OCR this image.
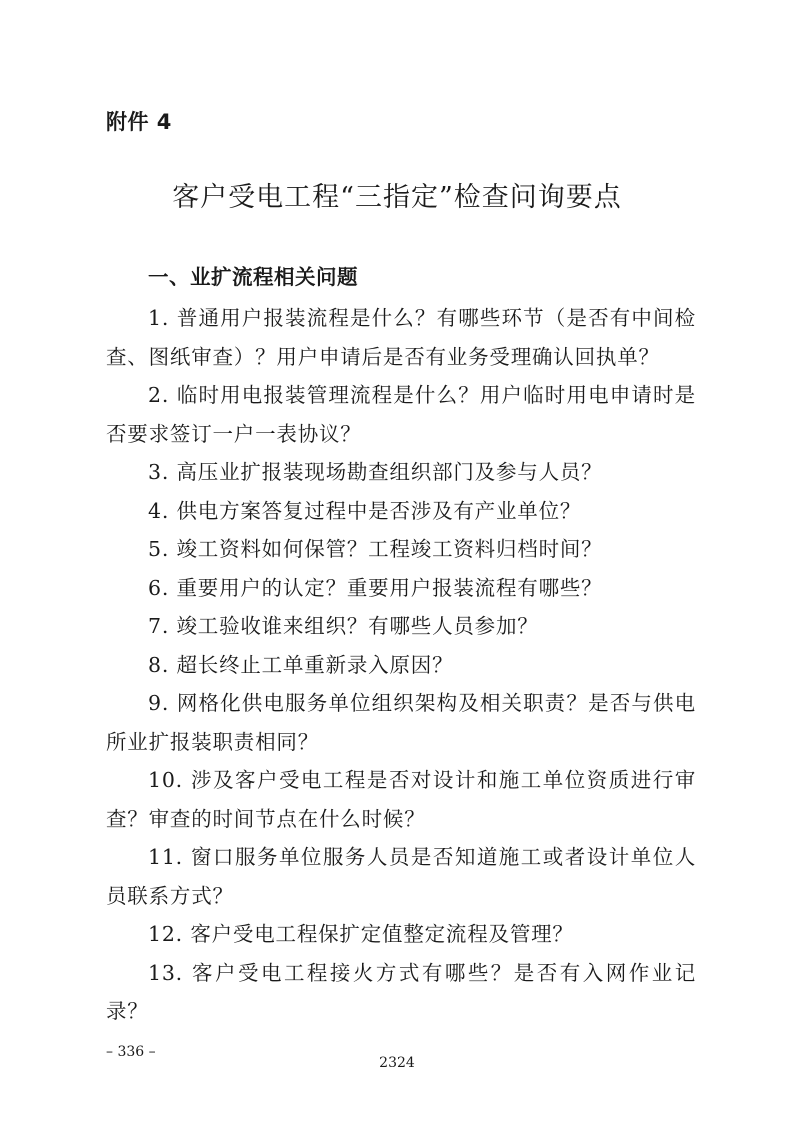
附件 4
客户受电工程“三指定”检查问询要点
一、业扩流程相关问题
1. 普通用户报装流程是什么？有哪些环节（是否有中间检查、图纸审查）？用户申请后是否有业务受理确认回执单？
2. 临时用电报装管理流程是什么？用户临时用电申请时是否要求签订一户一表协议？
3. 高压业扩报装现场勘查组织部门及参与人员？
4. 供电方案答复过程中是否涉及有产业单位？
5. 竣工资料如何保管？工程竣工资料归档时间？
6. 重要用户的认定？重要用户报装流程有哪些？
7. 竣工验收谁来组织？有哪些人员参加？
8. 超长终止工单重新录入原因？
9. 网格化供电服务单位组织架构及相关职责？是否与供电所业扩报装职责相同？
10. 涉及客户受电工程是否对设计和施工单位资质进行审查？审查的时间节点在什么时候？
11. 窗口服务单位服务人员是否知道施工或者设计单位人员联系方式？
12. 客户受电工程保扩定值整定流程及管理？
13. 客户受电工程接火方式有哪些？是否有入网作业记录？
– 336 –
2324
